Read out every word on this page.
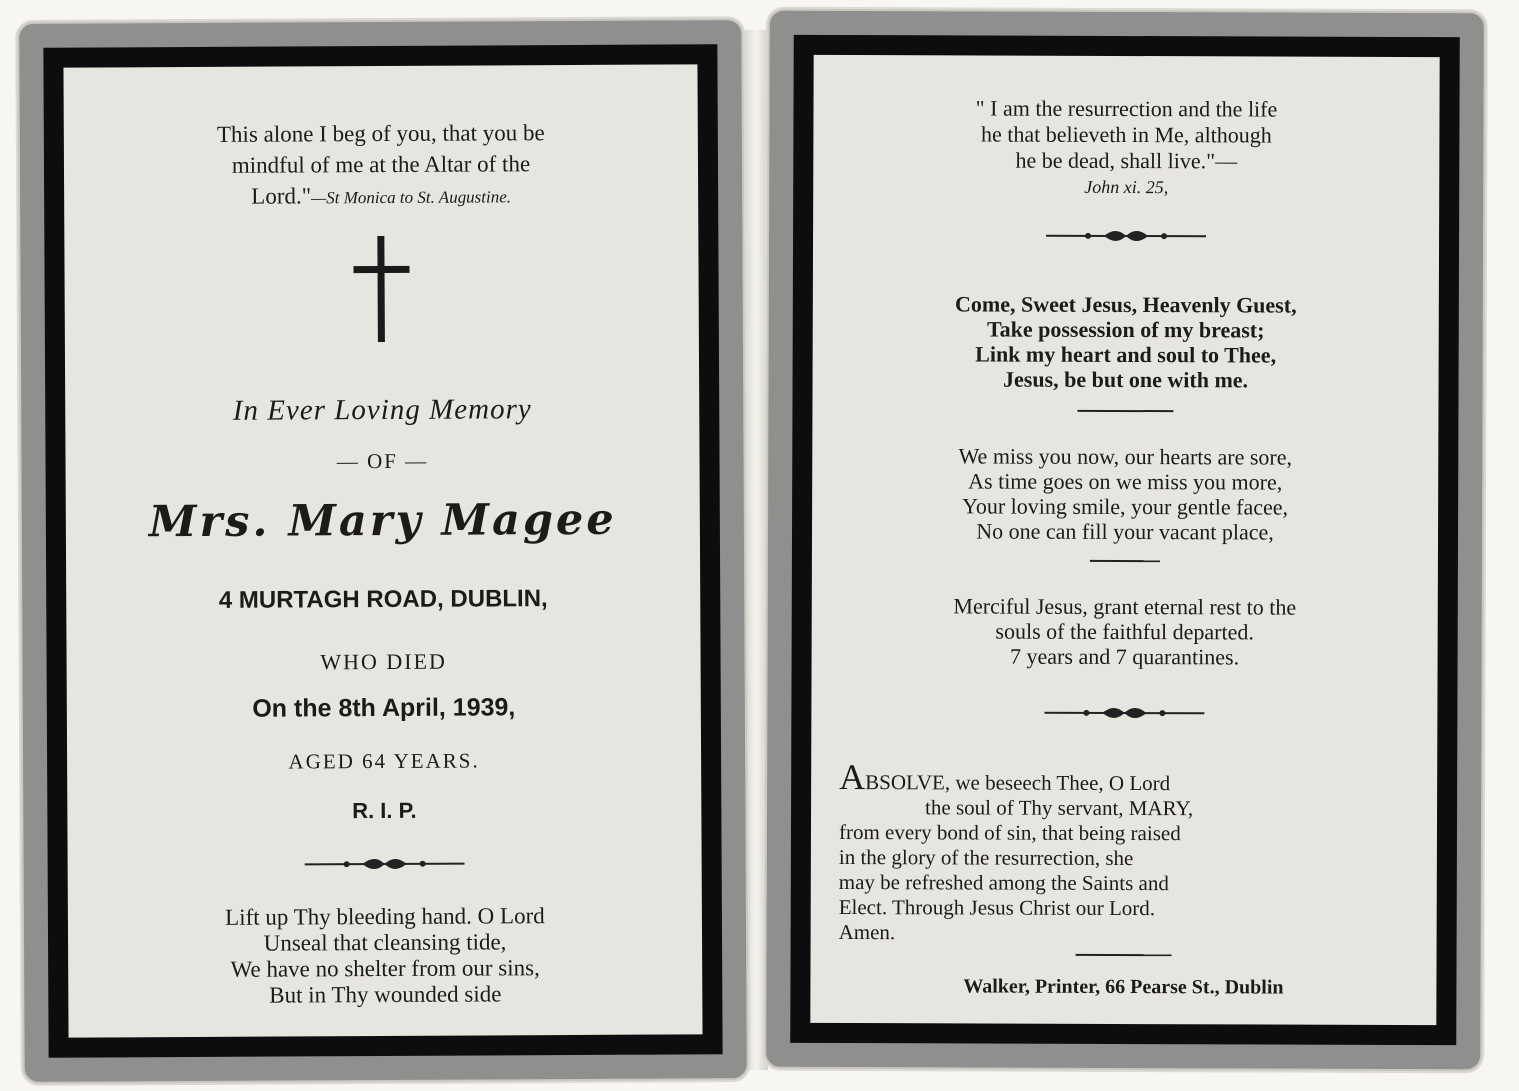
This alone I beg of you, that you be
mindful of me at the Altar of the
Lord."—St Monica to St. Augustine.
In Ever Loving Memory
— OF —
Mrs. Mary Magee
4 MURTAGH ROAD, DUBLIN,
WHO DIED
On the 8th April, 1939,
AGED 64 YEARS.
R. I. P.
Lift up Thy bleeding hand. O Lord
Unseal that cleansing tide,
We have no shelter from our sins,
But in Thy wounded side
" I am the resurrection and the life
he that believeth in Me, although
he be dead, shall live."—
John xi. 25,
Come, Sweet Jesus, Heavenly Guest,
Take possession of my breast;
Link my heart and soul to Thee,
Jesus, be but one with me.
We miss you now, our hearts are sore,
As time goes on we miss you more,
Your loving smile, your gentle facee,
No one can fill your vacant place,
Merciful Jesus, grant eternal rest to the
souls of the faithful departed.
7 years and 7 quarantines.
ABSOLVE, we beseech Thee, O Lord
the soul of Thy servant, MARY,
from every bond of sin, that being raised
in the glory of the resurrection, she
may be refreshed among the Saints and
Elect. Through Jesus Christ our Lord.
Amen.
Walker, Printer, 66 Pearse St., Dublin
